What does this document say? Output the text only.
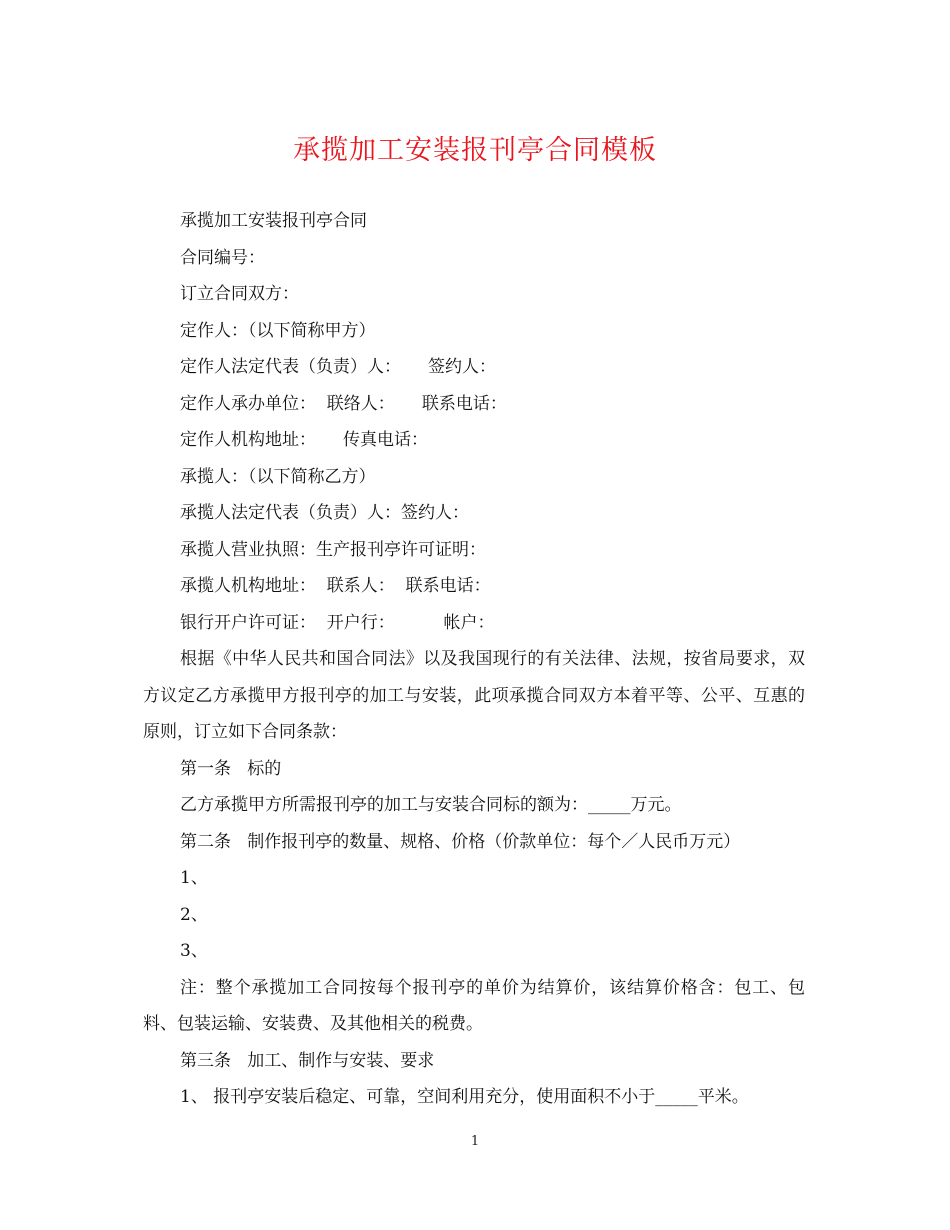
承揽加工安装报刊亭合同模板

承揽加工安装报刊亭合同

合同编号：

订立合同双方：

定作人：（以下简称甲方）

定作人法定代表（负责）人：     签约人：

定作人承办单位：  联络人：     联系电话：

定作人机构地址：     传真电话：

承揽人：（以下简称乙方）

承揽人法定代表（负责）人：签约人：

承揽人营业执照：生产报刊亭许可证明：

承揽人机构地址：  联系人：  联系电话：

银行开户许可证：  开户行：         帐户：

根据《中华人民共和国合同法》以及我国现行的有关法律、法规，按省局要求，双方议定乙方承揽甲方报刊亭的加工与安装，此项承揽合同双方本着平等、公平、互惠的原则，订立如下合同条款：

第一条   标的

乙方承揽甲方所需报刊亭的加工与安装合同标的额为：_____万元。

第二条   制作报刊亭的数量、规格、价格（价款单位：每个／人民币万元）

1、

2、

3、

注：整个承揽加工合同按每个报刊亭的单价为结算价，该结算价格含：包工、包料、包装运输、安装费、及其他相关的税费。

第三条   加工、制作与安装、要求

1、 报刊亭安装后稳定、可靠，空间利用充分，使用面积不小于_____平米。

1
